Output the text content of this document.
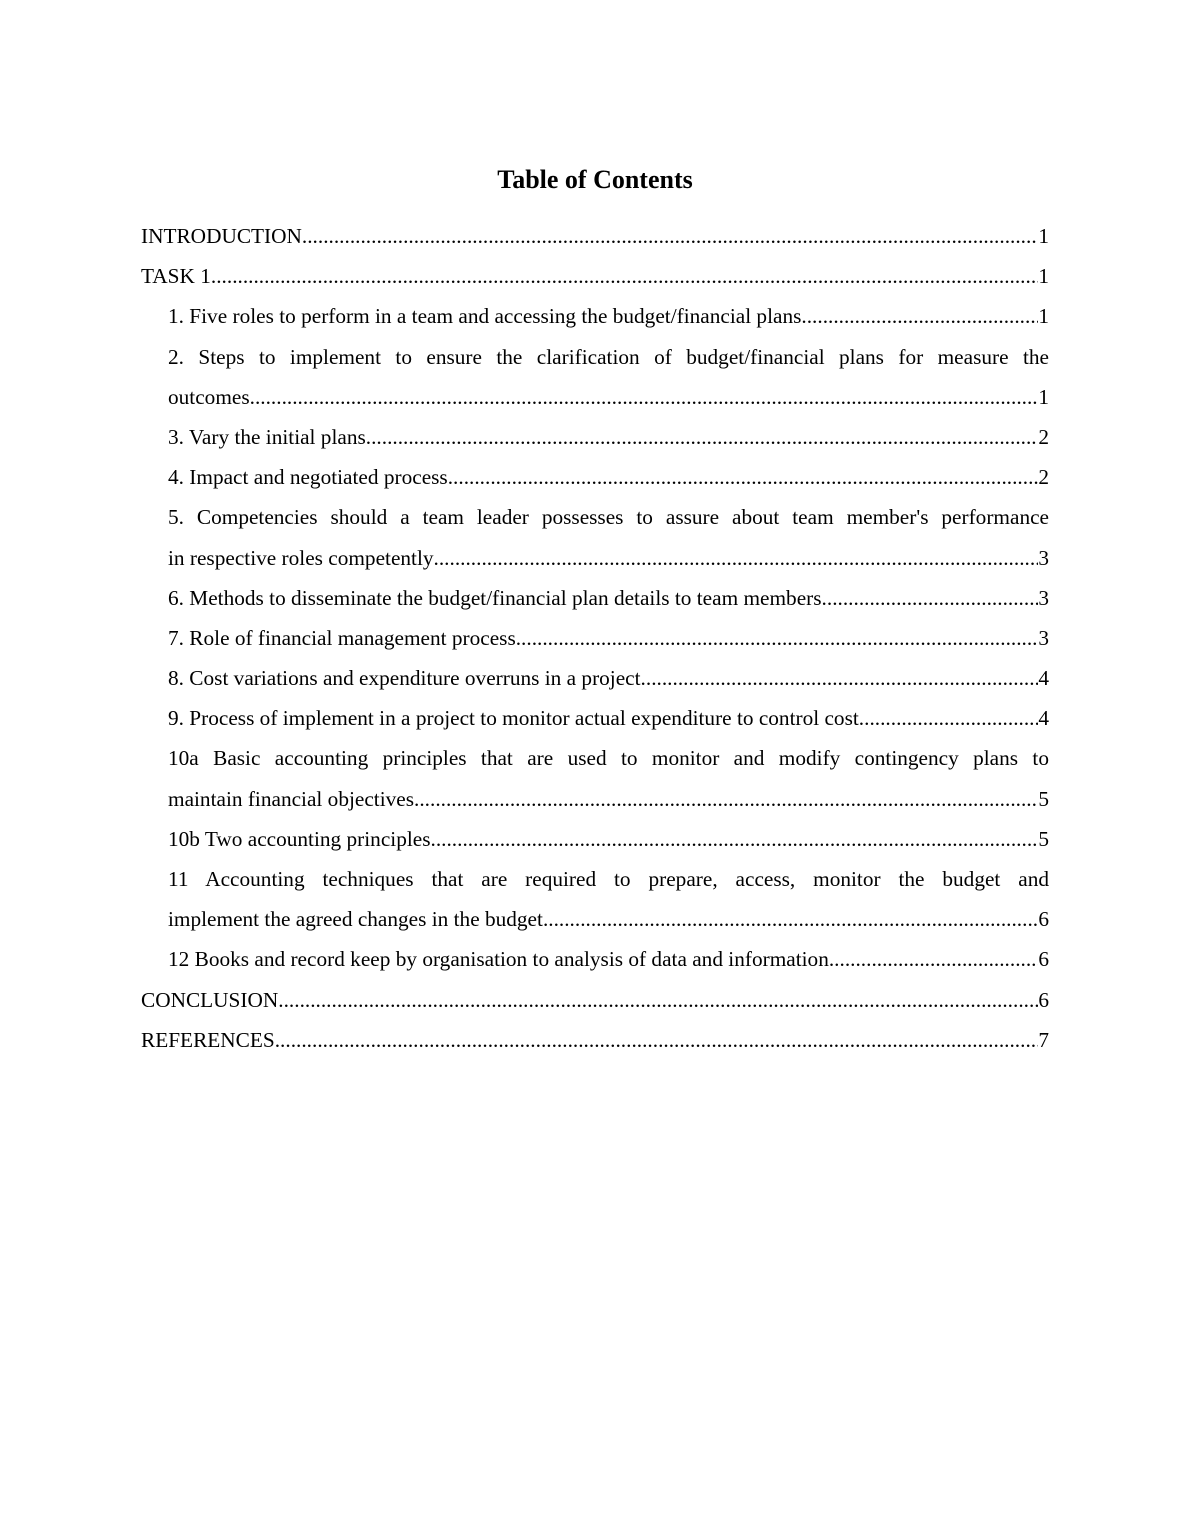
Table of Contents
INTRODUCTION .....	1
TASK 1 .....	1
1. Five roles to perform in a team and accessing the budget/financial plans .....	1
2. Steps to implement to ensure the clarification of budget/financial plans for measure the
outcomes .....	1
3. Vary the initial plans .....	2
4. Impact and negotiated process .....	2
5. Competencies should a team leader possesses to assure about team member's performance
in respective roles competently .....	3
6. Methods to disseminate the budget/financial plan details to team members .....	3
7. Role of financial management process .....	3
8. Cost variations and expenditure overruns in a project .....	4
9. Process of implement in a project to monitor actual expenditure to control cost .....	4
10a Basic accounting principles that are used to monitor and modify contingency plans to
maintain financial objectives .....	5
10b Two accounting principles .....	5
11 Accounting techniques that are required to prepare, access, monitor the budget and
implement the agreed changes in the budget .....	6
12 Books and record keep by organisation to analysis of data and information .....	6
CONCLUSION .....	6
REFERENCES .....	7
